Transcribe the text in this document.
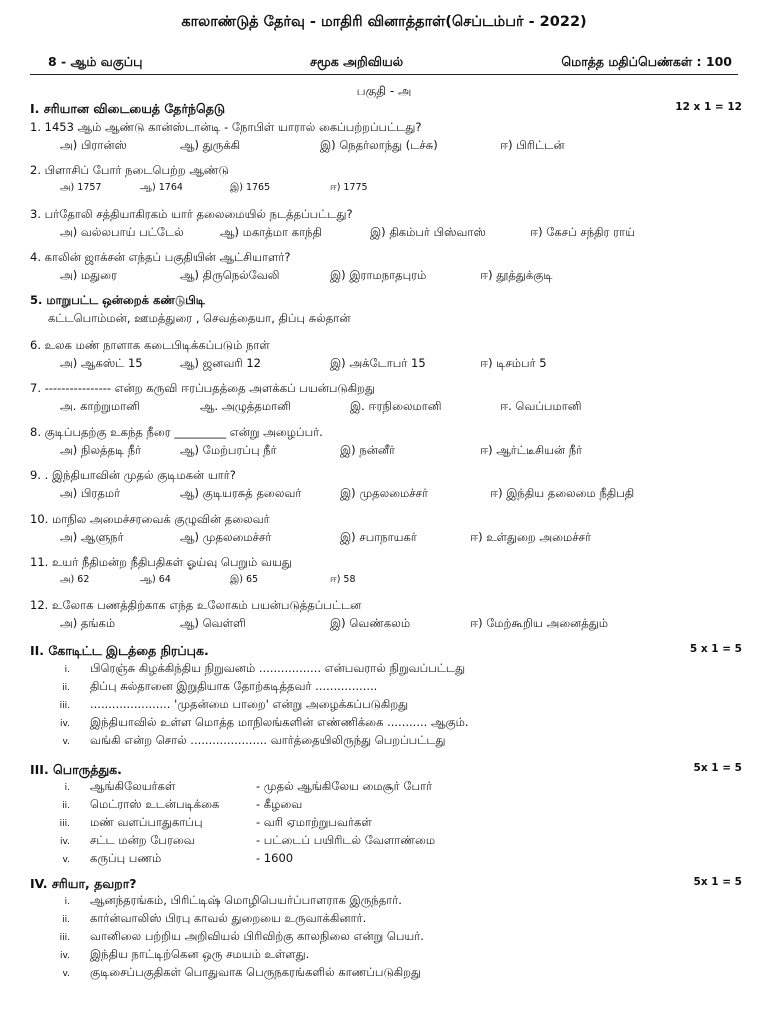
காலாண்டுத் தேர்வு - மாதிரி வினாத்தாள்(செப்டம்பர் - 2022)
8 - ஆம் வகுப்பு	சமூக அறிவியல்	மொத்த மதிப்பெண்கள் : 100
பகுதி - அ
I. சரியான விடையைத் தேர்ந்தெடு	12 x 1 = 12
1. 1453 ஆம் ஆண்டு கான்ஸ்டான்டி - நோபிள் யாரால் கைப்பற்றப்பட்டது?
அ) பிரான்ஸ்	ஆ) துருக்கி	இ) நெதர்லாந்து (டச்சு)	ஈ) பிரிட்டன்
2. பிளாசிப் போர் நடைபெற்ற ஆண்டு
அ) 1757	ஆ) 1764	இ) 1765	ஈ) 1775
3. பர்தோலி சத்தியாகிரகம் யார் தலைமையில் நடத்தப்பட்டது?
அ) வல்லபாய் பட்டேல்	ஆ) மகாத்மா காந்தி	இ) திகம்பர் பிஸ்வாஸ்	ஈ) கேசப் சந்திர ராய்
4. காலின் ஜாக்சன் எந்தப் பகுதியின் ஆட்சியாளர்?
அ) மதுரை	ஆ) திருநெல்வேலி	இ) இராமநாதபுரம்	ஈ) தூத்துக்குடி
5. மாறுபட்ட ஒன்றைக் கண்டுபிடி
கட்டபொம்மன், ஊமத்துரை , செவத்தையா, திப்பு சுல்தான்
6. உலக மண் நாளாக கடைபிடிக்கப்படும் நாள்
அ) ஆகஸ்ட் 15	ஆ) ஜனவரி 12	இ) அக்டோபர் 15	ஈ) டிசம்பர் 5
7. ---------------- என்ற கருவி ஈரப்பதத்தை அளக்கப் பயன்படுகிறது
அ. காற்றுமானி	ஆ. அழுத்தமானி	இ. ஈரநிலைமானி	ஈ. வெப்பமானி
8. குடிப்பதற்கு உகந்த நீரை _________ என்று அழைப்பர்.
அ) நிலத்தடி நீர்	ஆ) மேற்பரப்பு நீர்	இ) நன்னீர்	ஈ) ஆர்ட்டீசியன் நீர்
9. . இந்தியாவின் முதல் குடிமகன் யார்?
அ) பிரதமர்	ஆ) குடியரசுத் தலைவர்	இ) முதலமைச்சர்	ஈ) இந்திய தலைமை நீதிபதி
10. மாநில அமைச்சரவைக் குழுவின் தலைவர்
அ) ஆளுநர்	ஆ) முதலமைச்சர்	இ) சபாநாயகர்	ஈ) உள்துறை அமைச்சர்
11. உயர் நீதிமன்ற நீதிபதிகள் ஓய்வு பெறும் வயது
அ) 62	ஆ) 64	இ) 65	ஈ) 58
12. உலோக பணத்திற்காக எந்த உலோகம் பயன்படுத்தப்பட்டன
அ) தங்கம்	ஆ) வெள்ளி	இ) வெண்கலம்	ஈ) மேற்கூறிய அனைத்தும்
II. கோடிட்ட இடத்தை நிரப்புக.	5 x 1 = 5
i. பிரெஞ்சு கிழக்கிந்திய நிறுவனம் ................. என்பவரால் நிறுவப்பட்டது
ii. திப்பு சுல்தானை இறுதியாக தோற்கடித்தவர் .................
iii. ...................... 'முதன்மை பாறை' என்று அழைக்கப்படுகிறது
iv. இந்தியாவில் உள்ள மொத்த மாநிலங்களின் எண்ணிக்கை ........... ஆகும்.
v. வங்கி என்ற சொல் ..................... வார்த்தையிலிருந்து பெறப்பட்டது
III. பொருத்துக.	5x 1 = 5
i. ஆங்கிலேயர்கள்	- முதல் ஆங்கிலேய மைசூர் போர்
ii. மெட்ராஸ் உடன்படிக்கை	- கீழவை
iii. மண் வளப்பாதுகாப்பு	- வரி ஏமாற்றுபவர்கள்
iv. சட்ட மன்ற பேரவை	- பட்டைப் பயிரிடல் வேளாண்மை
v. கருப்பு பணம்	- 1600
IV. சரியா, தவறா?	5x 1 = 5
i. ஆனந்தரங்கம், பிரிட்டிஷ் மொழிபெயர்ப்பாளராக இருந்தார்.
ii. கார்ன்வாலிஸ் பிரபு காவல் துறையை உருவாக்கினார்.
iii. வானிலை பற்றிய அறிவியல் பிரிவிற்கு காலநிலை என்று பெயர்.
iv. இந்திய நாட்டிற்கென ஒரு சமயம் உள்ளது.
v. குடிசைப்பகுதிகள் பொதுவாக பெருநகரங்களில் காணப்படுகிறது
